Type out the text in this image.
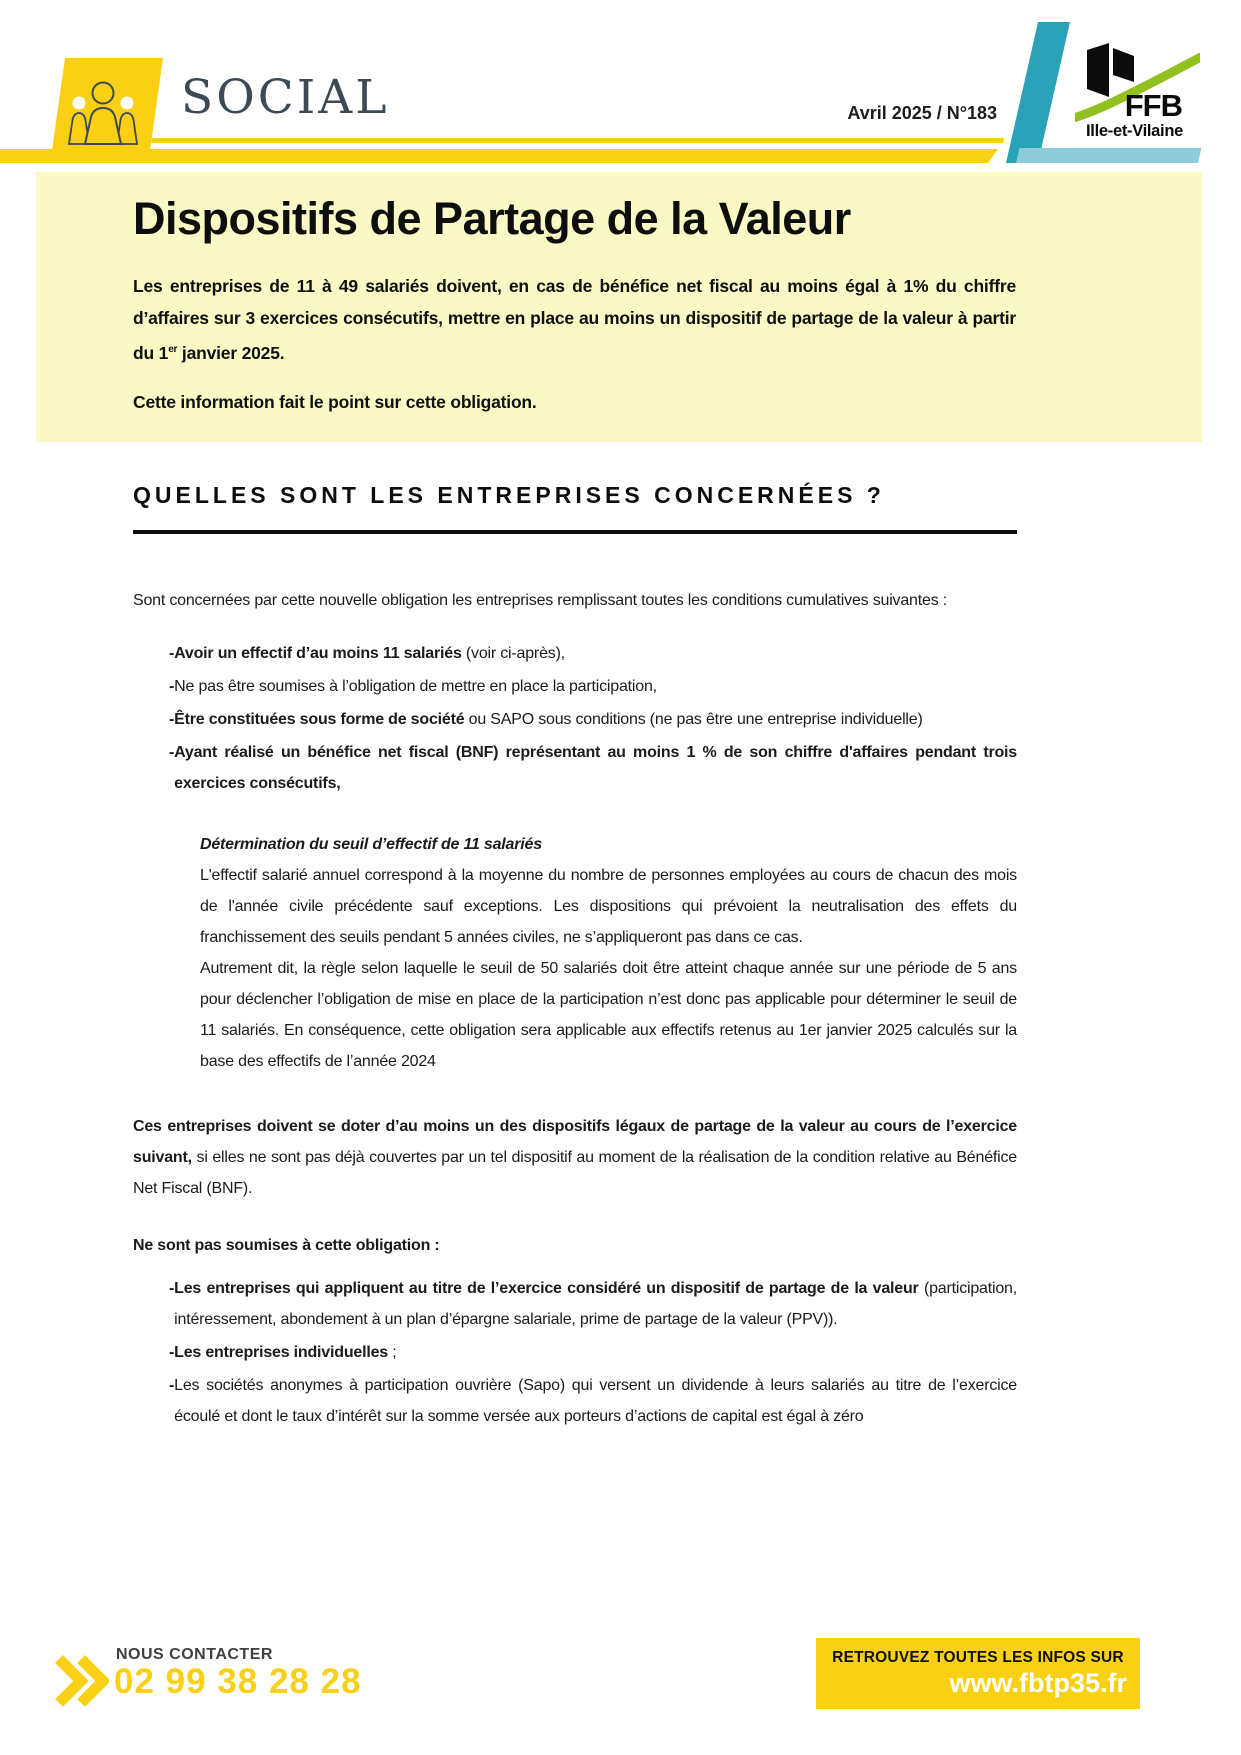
SOCIAL	Avril 2025 / N°183	FFB
Ille-et-Vilaine
Dispositifs de Partage de la Valeur

Les entreprises de 11 à 49 salariés doivent, en cas de bénéfice net fiscal au moins égal à 1% du chiffre d’affaires sur 3 exercices consécutifs, mettre en place au moins un dispositif de partage de la valeur à partir du 1er janvier 2025.

Cette information fait le point sur cette obligation.

QUELLES SONT LES ENTREPRISES CONCERNÉES ?

Sont concernées par cette nouvelle obligation les entreprises remplissant toutes les conditions cumulatives suivantes :

- Avoir un effectif d’au moins 11 salariés (voir ci-après),
- Ne pas être soumises à l’obligation de mettre en place la participation,
- Être constituées sous forme de société ou SAPO sous conditions (ne pas être une entreprise individuelle)
- Ayant réalisé un bénéfice net fiscal (BNF) représentant au moins 1 % de son chiffre d'affaires pendant trois exercices consécutifs,

Détermination du seuil d’effectif de 11 salariés

L'effectif salarié annuel correspond à la moyenne du nombre de personnes employées au cours de chacun des mois de l'année civile précédente sauf exceptions. Les dispositions qui prévoient la neutralisation des effets du franchissement des seuils pendant 5 années civiles, ne s’appliqueront pas dans ce cas.

Autrement dit, la règle selon laquelle le seuil de 50 salariés doit être atteint chaque année sur une période de 5 ans pour déclencher l’obligation de mise en place de la participation n’est donc pas applicable pour déterminer le seuil de 11 salariés. En conséquence, cette obligation sera applicable aux effectifs retenus au 1er janvier 2025 calculés sur la base des effectifs de l’année 2024

Ces entreprises doivent se doter d’au moins un des dispositifs légaux de partage de la valeur au cours de l’exercice suivant, si elles ne sont pas déjà couvertes par un tel dispositif au moment de la réalisation de la condition relative au Bénéfice Net Fiscal (BNF).

Ne sont pas soumises à cette obligation :

- Les entreprises qui appliquent au titre de l’exercice considéré un dispositif de partage de la valeur (participation, intéressement, abondement à un plan d’épargne salariale, prime de partage de la valeur (PPV)).
- Les entreprises individuelles ;
- Les sociétés anonymes à participation ouvrière (Sapo) qui versent un dividende à leurs salariés au titre de l’exercice écoulé et dont le taux d’intérêt sur la somme versée aux porteurs d’actions de capital est égal à zéro
NOUS CONTACTER
02 99 38 28 28
RETROUVEZ TOUTES LES INFOS SUR
www.fbtp35.fr
